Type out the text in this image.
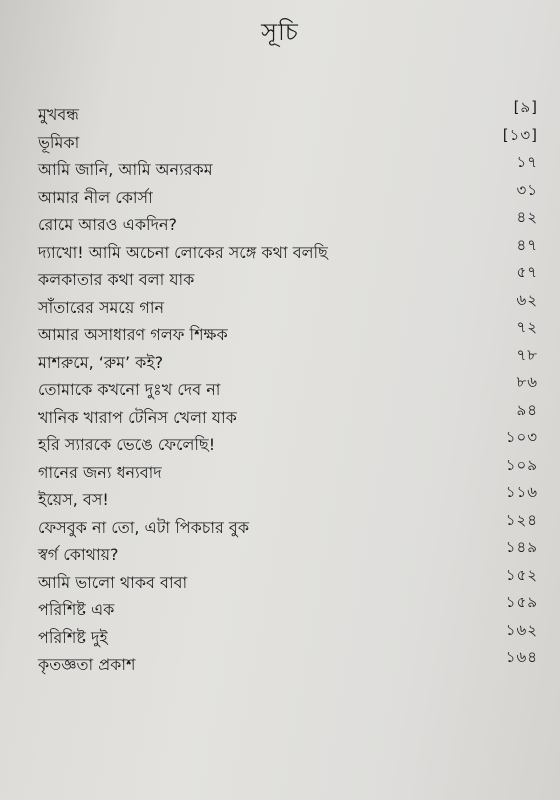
সূচি
মুখবন্ধ	[৯]
ভূমিকা	[১৩]
আমি জানি, আমি অন্যরকম	১৭
আমার নীল কোর্সা	৩১
রোমে আরও একদিন?	৪২
দ্যাখো! আমি অচেনা লোকের সঙ্গে কথা বলছি	৪৭
কলকাতার কথা বলা যাক	৫৭
সাঁতারের সময়ে গান	৬২
আমার অসাধারণ গলফ শিক্ষক	৭২
মাশরুমে, ‘রুম’ কই?	৭৮
তোমাকে কখনো দুঃখ দেব না	৮৬
খানিক খারাপ টেনিস খেলা যাক	৯৪
হরি স্যারকে ভেঙে ফেলেছি!	১০৩
গানের জন্য ধন্যবাদ	১০৯
ইয়েস, বস!	১১৬
ফেসবুক না তো, এটা পিকচার বুক	১২৪
স্বর্গ কোথায়?	১৪৯
আমি ভালো থাকব বাবা	১৫২
পরিশিষ্ট এক	১৫৯
পরিশিষ্ট দুই	১৬২
কৃতজ্ঞতা প্রকাশ	১৬৪
